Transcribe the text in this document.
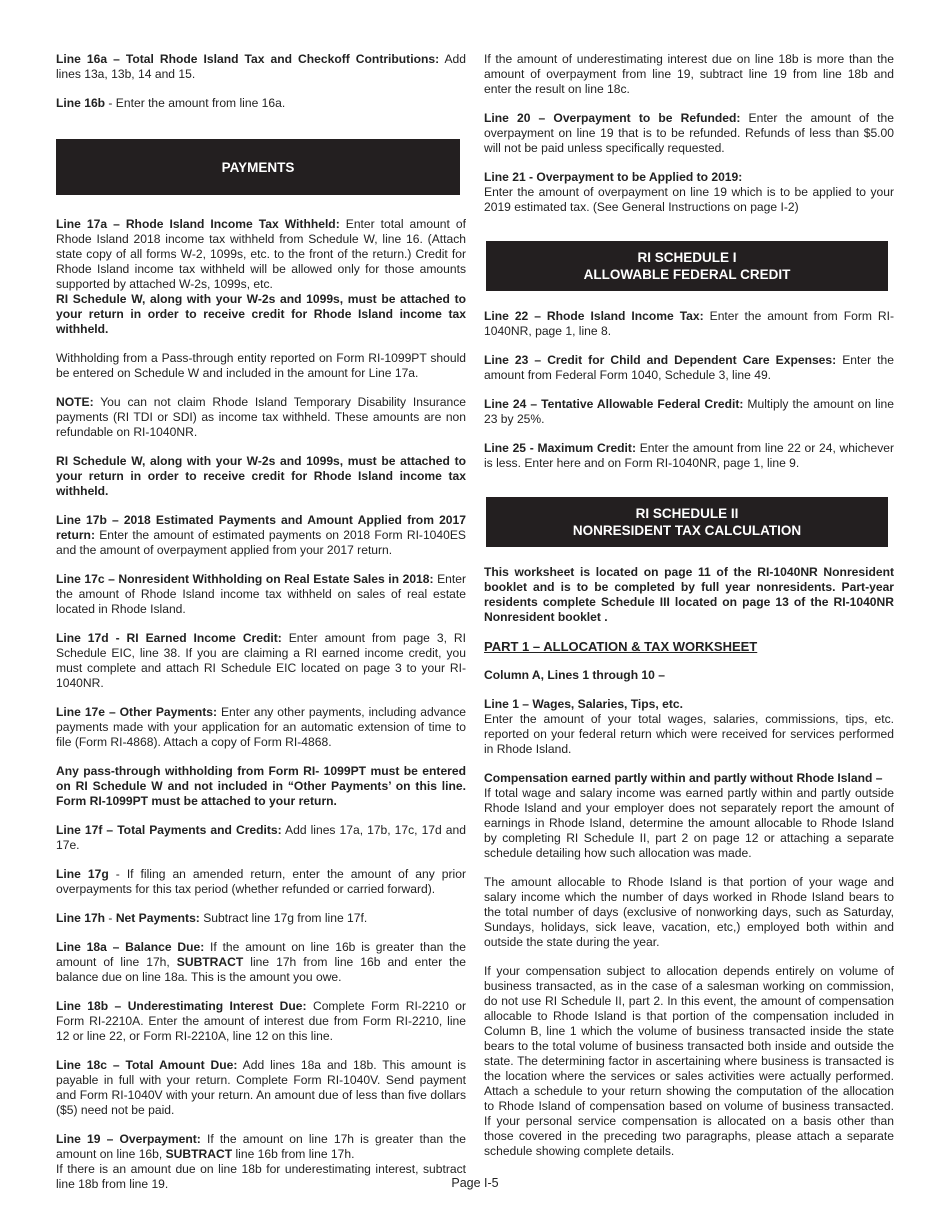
Line 16a – Total Rhode Island Tax and Checkoff Contributions: Add lines 13a, 13b, 14 and 15.

Line 16b - Enter the amount from line 16a.

PAYMENTS

Line 17a – Rhode Island Income Tax Withheld: Enter total amount of Rhode Island 2018 income tax withheld from Schedule W, line 16. (Attach state copy of all forms W-2, 1099s, etc. to the front of the return.) Credit for Rhode Island income tax withheld will be allowed only for those amounts supported by attached W-2s, 1099s, etc.

RI Schedule W, along with your W-2s and 1099s, must be attached to your return in order to receive credit for Rhode Island income tax withheld.

Withholding from a Pass-through entity reported on Form RI-1099PT should be entered on Schedule W and included in the amount for Line 17a.

NOTE: You can not claim Rhode Island Temporary Disability Insurance payments (RI TDI or SDI) as income tax withheld. These amounts are non refundable on RI-1040NR.

RI Schedule W, along with your W-2s and 1099s, must be attached to your return in order to receive credit for Rhode Island income tax withheld.

Line 17b – 2018 Estimated Payments and Amount Applied from 2017 return: Enter the amount of estimated payments on 2018 Form RI-1040ES and the amount of overpayment applied from your 2017 return.

Line 17c – Nonresident Withholding on Real Estate Sales in 2018: Enter the amount of Rhode Island income tax withheld on sales of real estate located in Rhode Island.

Line 17d - RI Earned Income Credit: Enter amount from page 3, RI Schedule EIC, line 38. If you are claiming a RI earned income credit, you must complete and attach RI Schedule EIC located on page 3 to your RI-1040NR.

Line 17e – Other Payments: Enter any other payments, including advance payments made with your application for an automatic extension of time to file (Form RI-4868). Attach a copy of Form RI-4868.

Any pass-through withholding from Form RI- 1099PT must be entered on RI Schedule W and not included in “Other Payments’ on this line. Form RI-1099PT must be attached to your return.

Line 17f – Total Payments and Credits: Add lines 17a, 17b, 17c, 17d and 17e.

Line 17g - If filing an amended return, enter the amount of any prior overpayments for this tax period (whether refunded or carried forward).

Line 17h - Net Payments: Subtract line 17g from line 17f.

Line 18a – Balance Due: If the amount on line 16b is greater than the amount of line 17h, SUBTRACT line 17h from line 16b and enter the balance due on line 18a. This is the amount you owe.

Line 18b – Underestimating Interest Due: Complete Form RI-2210 or Form RI-2210A. Enter the amount of interest due from Form RI-2210, line 12 or line 22, or Form RI-2210A, line 12 on this line.

Line 18c – Total Amount Due: Add lines 18a and 18b. This amount is payable in full with your return. Complete Form RI-1040V. Send payment and Form RI-1040V with your return. An amount due of less than five dollars ($5) need not be paid.

Line 19 – Overpayment: If the amount on line 17h is greater than the amount on line 16b, SUBTRACT line 16b from line 17h.

If there is an amount due on line 18b for underestimating interest, subtract line 18b from line 19.

If the amount of underestimating interest due on line 18b is more than the amount of overpayment from line 19, subtract line 19 from line 18b and enter the result on line 18c.

Line 20 – Overpayment to be Refunded: Enter the amount of the overpayment on line 19 that is to be refunded. Refunds of less than $5.00 will not be paid unless specifically requested.

Line 21 - Overpayment to be Applied to 2019:
Enter the amount of overpayment on line 19 which is to be applied to your 2019 estimated tax. (See General Instructions on page I-2)

RI SCHEDULE I
ALLOWABLE FEDERAL CREDIT

Line 22 – Rhode Island Income Tax: Enter the amount from Form RI-1040NR, page 1, line 8.

Line 23 – Credit for Child and Dependent Care Expenses: Enter the amount from Federal Form 1040, Schedule 3, line 49.

Line 24 – Tentative Allowable Federal Credit: Multiply the amount on line 23 by 25%.

Line 25 - Maximum Credit: Enter the amount from line 22 or 24, whichever is less. Enter here and on Form RI-1040NR, page 1, line 9.

RI SCHEDULE II
NONRESIDENT TAX CALCULATION

This worksheet is located on page 11 of the RI-1040NR Nonresident booklet and is to be completed by full year nonresidents. Part-year residents complete Schedule III located on page 13 of the RI-1040NR Nonresident booklet .

PART 1 – ALLOCATION & TAX WORKSHEET

Column A, Lines 1 through 10 –

Line 1 – Wages, Salaries, Tips, etc.
Enter the amount of your total wages, salaries, commissions, tips, etc. reported on your federal return which were received for services performed in Rhode Island.

Compensation earned partly within and partly without Rhode Island –
If total wage and salary income was earned partly within and partly outside Rhode Island and your employer does not separately report the amount of earnings in Rhode Island, determine the amount allocable to Rhode Island by completing RI Schedule II, part 2 on page 12 or attaching a separate schedule detailing how such allocation was made.

The amount allocable to Rhode Island is that portion of your wage and salary income which the number of days worked in Rhode Island bears to the total number of days (exclusive of nonworking days, such as Saturday, Sundays, holidays, sick leave, vacation, etc,) employed both within and outside the state during the year.

If your compensation subject to allocation depends entirely on volume of business transacted, as in the case of a salesman working on commission, do not use RI Schedule II, part 2. In this event, the amount of compensation allocable to Rhode Island is that portion of the compensation included in Column B, line 1 which the volume of business transacted inside the state bears to the total volume of business transacted both inside and outside the state. The determining factor in ascertaining where business is transacted is the location where the services or sales activities were actually performed. Attach a schedule to your return showing the computation of the allocation to Rhode Island of compensation based on volume of business transacted. If your personal service compensation is allocated on a basis other than those covered in the preceding two paragraphs, please attach a separate schedule showing complete details.

Page I-5
